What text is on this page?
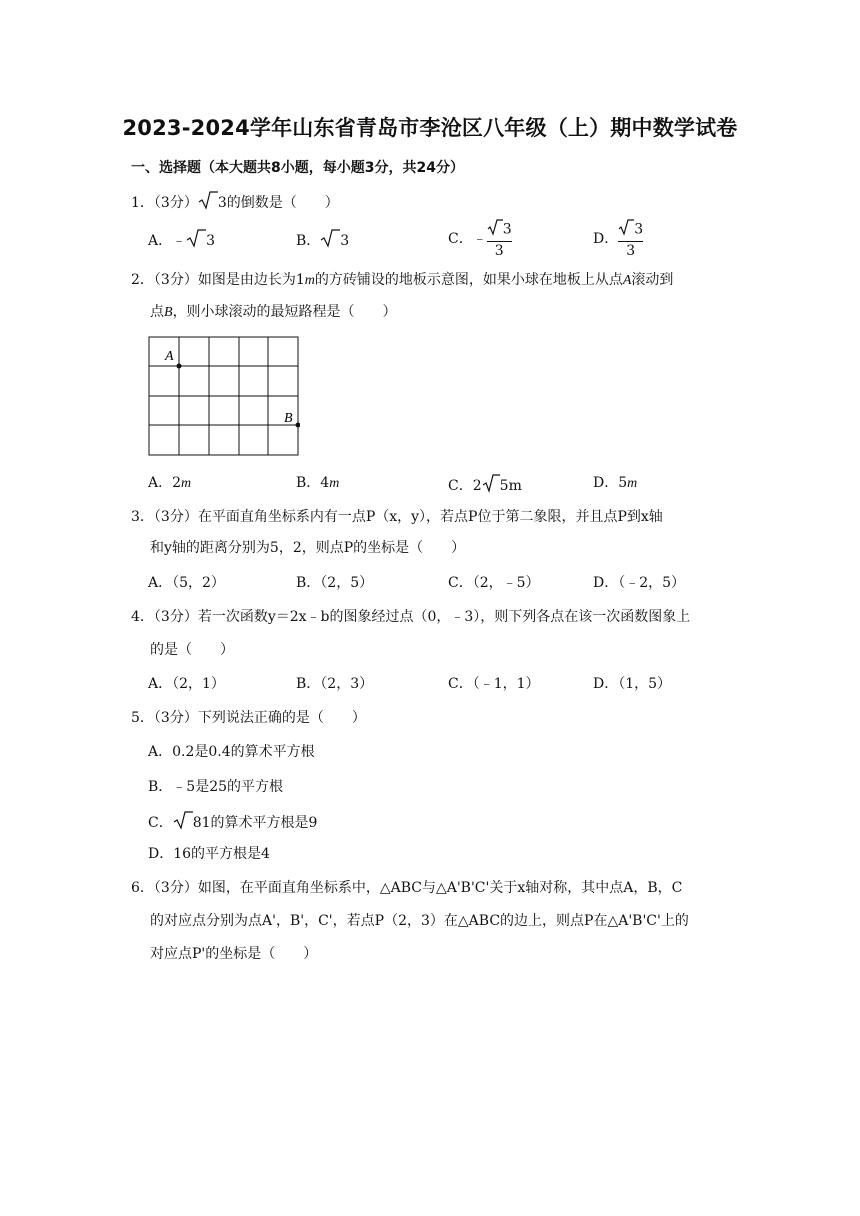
2023-2024学年山东省青岛市李沧区八年级（上）期中数学试卷
一、选择题（本大题共8小题，每小题3分，共24分）
1．（3分） 3的倒数是（　　）
A．﹣ 3	B． 3	C．﹣ $\frac{3}{3}$	D． $\frac{3}{3}$
2．（3分）如图是由边长为1m的方砖铺设的地板示意图，如果小球在地板上从点A滚动到
点B，则小球滚动的最短路程是（　　）
A
B
A．2m	B．4m	C．2 5m	D．5m
3．（3分）在平面直角坐标系内有一点P（x，y），若点P位于第二象限，并且点P到x轴
和y轴的距离分别为5，2，则点P的坐标是（　　）
A．（5，2）	B．（2，5）	C．（2，﹣5）	D．（﹣2，5）
4．（3分）若一次函数y＝2x﹣b的图象经过点（0，﹣3），则下列各点在该一次函数图象上
的是（　　）
A．（2，1）	B．（2，3）	C．（﹣1，1）	D．（1，5）
5．（3分）下列说法正确的是（　　）
A．0.2是0.4的算术平方根
B．﹣5是25的平方根
C． 81的算术平方根是9
D．16的平方根是4
6．（3分）如图，在平面直角坐标系中，△ABC与△A'B'C'关于x轴对称，其中点A，B，C
的对应点分别为点A'，B'，C'，若点P（2，3）在△ABC的边上，则点P在△A'B'C'上的
对应点P'的坐标是（　　）
